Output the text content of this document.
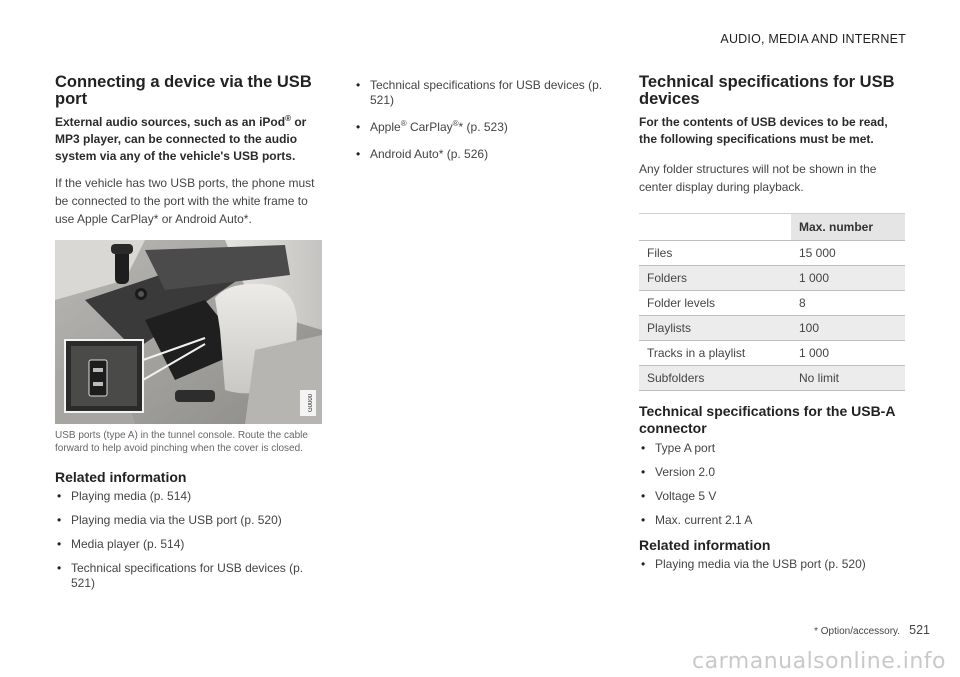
AUDIO, MEDIA AND INTERNET
Connecting a device via the USB port

External audio sources, such as an iPod® or MP3 player, can be connected to the audio system via any of the vehicle's USB ports.

If the vehicle has two USB ports, the phone must be connected to the port with the white frame to use Apple CarPlay* or Android Auto*.

G0000

USB ports (type A) in the tunnel console. Route the cable forward to help avoid pinching when the cover is closed.

Related information
• Playing media (p. 514)
• Playing media via the USB port (p. 520)
• Media player (p. 514)
• Technical specifications for USB devices (p. 521)
• Technical specifications for USB devices (p. 521)
• Apple® CarPlay®* (p. 523)
• Android Auto* (p. 526)
Technical specifications for USB devices

For the contents of USB devices to be read, the following specifications must be met.

Any folder structures will not be shown in the center display during playback.

	Max. number
Files	15 000
Folders	1 000
Folder levels	8
Playlists	100
Tracks in a playlist	1 000
Subfolders	No limit
Technical specifications for the USB-A connector
• Type A port
• Version 2.0
• Voltage 5 V
• Max. current 2.1 A
Related information
• Playing media via the USB port (p. 520)
* Option/accessory. 521
carmanualsonline.info
